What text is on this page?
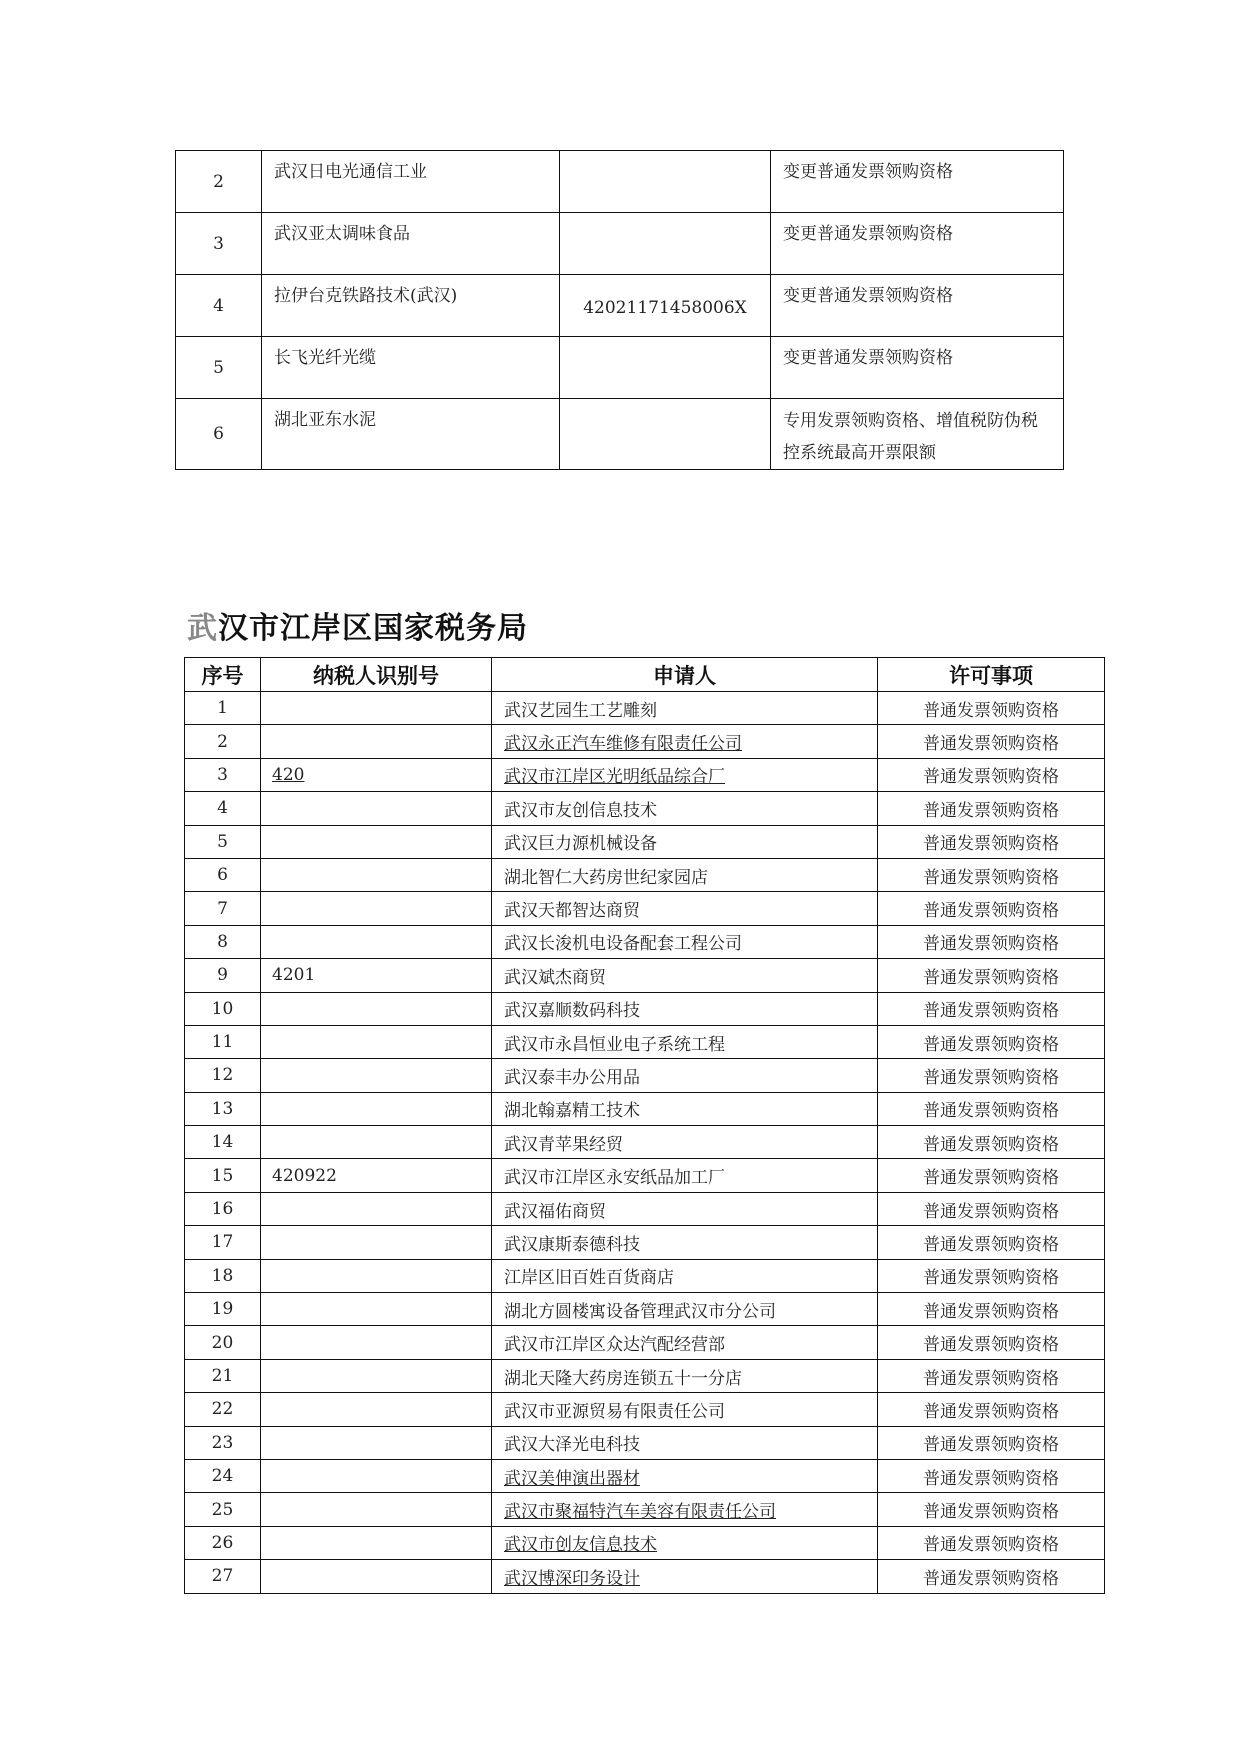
2	武汉日电光通信工业		变更普通发票领购资格
3	武汉亚太调味食品		变更普通发票领购资格
4	拉伊台克铁路技术(武汉)	42021171458006X	变更普通发票领购资格
5	长飞光纤光缆		变更普通发票领购资格
6	湖北亚东水泥		专用发票领购资格、增值税防伪税控系统最高开票限额
武汉市江岸区国家税务局
序号	纳税人识别号	申请人	许可事项
1		武汉艺园生工艺雕刻	普通发票领购资格
2		武汉永正汽车维修有限责任公司	普通发票领购资格
3	420	武汉市江岸区光明纸品综合厂	普通发票领购资格
4		武汉市友创信息技术	普通发票领购资格
5		武汉巨力源机械设备	普通发票领购资格
6		湖北智仁大药房世纪家园店	普通发票领购资格
7		武汉天都智达商贸	普通发票领购资格
8		武汉长浚机电设备配套工程公司	普通发票领购资格
9	4201	武汉斌杰商贸	普通发票领购资格
10		武汉嘉顺数码科技	普通发票领购资格
11		武汉市永昌恒业电子系统工程	普通发票领购资格
12		武汉泰丰办公用品	普通发票领购资格
13		湖北翰嘉精工技术	普通发票领购资格
14		武汉青苹果经贸	普通发票领购资格
15	420922	武汉市江岸区永安纸品加工厂	普通发票领购资格
16		武汉福佑商贸	普通发票领购资格
17		武汉康斯泰德科技	普通发票领购资格
18		江岸区旧百姓百货商店	普通发票领购资格
19		湖北方圆楼寓设备管理武汉市分公司	普通发票领购资格
20		武汉市江岸区众达汽配经营部	普通发票领购资格
21		湖北天隆大药房连锁五十一分店	普通发票领购资格
22		武汉市亚源贸易有限责任公司	普通发票领购资格
23		武汉大泽光电科技	普通发票领购资格
24		武汉美伸演出器材	普通发票领购资格
25		武汉市聚福特汽车美容有限责任公司	普通发票领购资格
26		武汉市创友信息技术	普通发票领购资格
27		武汉博深印务设计	普通发票领购资格
